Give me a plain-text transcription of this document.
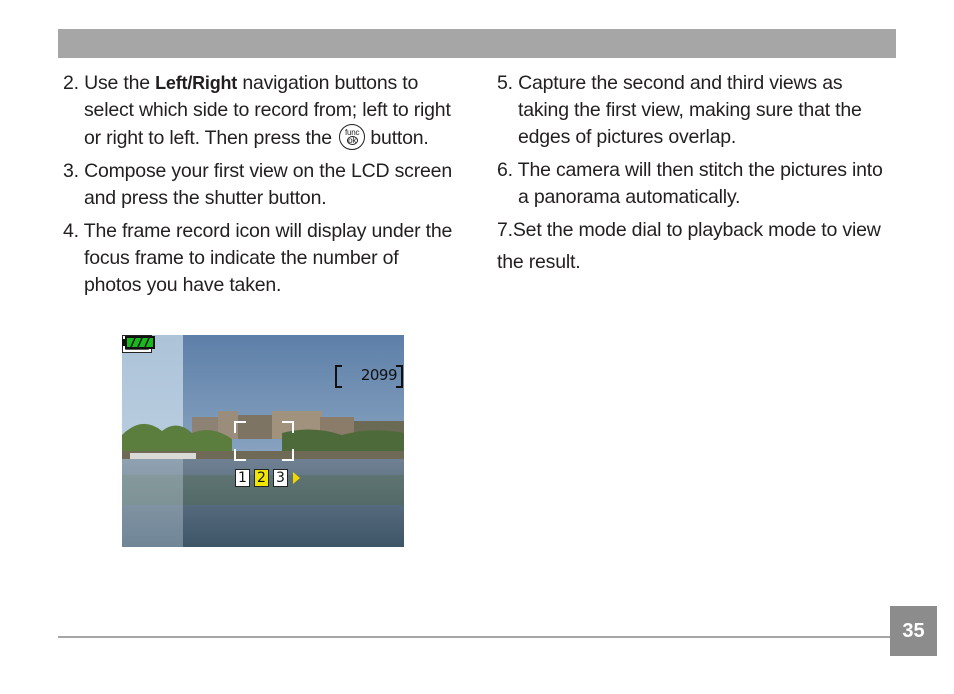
2. Use the Left/Right navigation buttons to select which side to record from; left to right or right to left. Then press the func
ok button.
3. Compose your first view on the LCD screen and press the shutter button.
4. The frame record icon will display under the focus frame to indicate the number of photos you have taken.
5. Capture the second and third views as taking the first view, making sure that the edges of pictures overlap.
6. The camera will then stitch the pictures into a panorama automatically.
7.Set the mode dial to playback mode to view
the result.
2099
1 2 3
35
